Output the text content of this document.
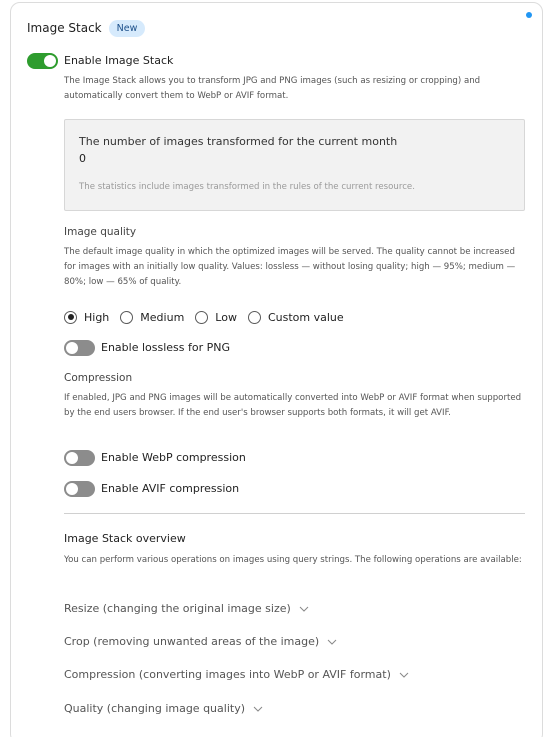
Image Stack	New
Enable Image Stack
The Image Stack allows you to transform JPG and PNG images (such as resizing or cropping) and automatically convert them to WebP or AVIF format.
The number of images transformed for the current month
0
The statistics include images transformed in the rules of the current resource.
Image quality
The default image quality in which the optimized images will be served. The quality cannot be increased for images with an initially low quality. Values: lossless — without losing quality; high — 95%; medium — 80%; low — 65% of quality.
High	Medium	Low	Custom value
Enable lossless for PNG
Compression
If enabled, JPG and PNG images will be automatically converted into WebP or AVIF format when supported by the end users browser. If the end user's browser supports both formats, it will get AVIF.
Enable WebP compression
Enable AVIF compression
Image Stack overview
You can perform various operations on images using query strings. The following operations are available:
Resize (changing the original image size)
Crop (removing unwanted areas of the image)
Compression (converting images into WebP or AVIF format)
Quality (changing image quality)
